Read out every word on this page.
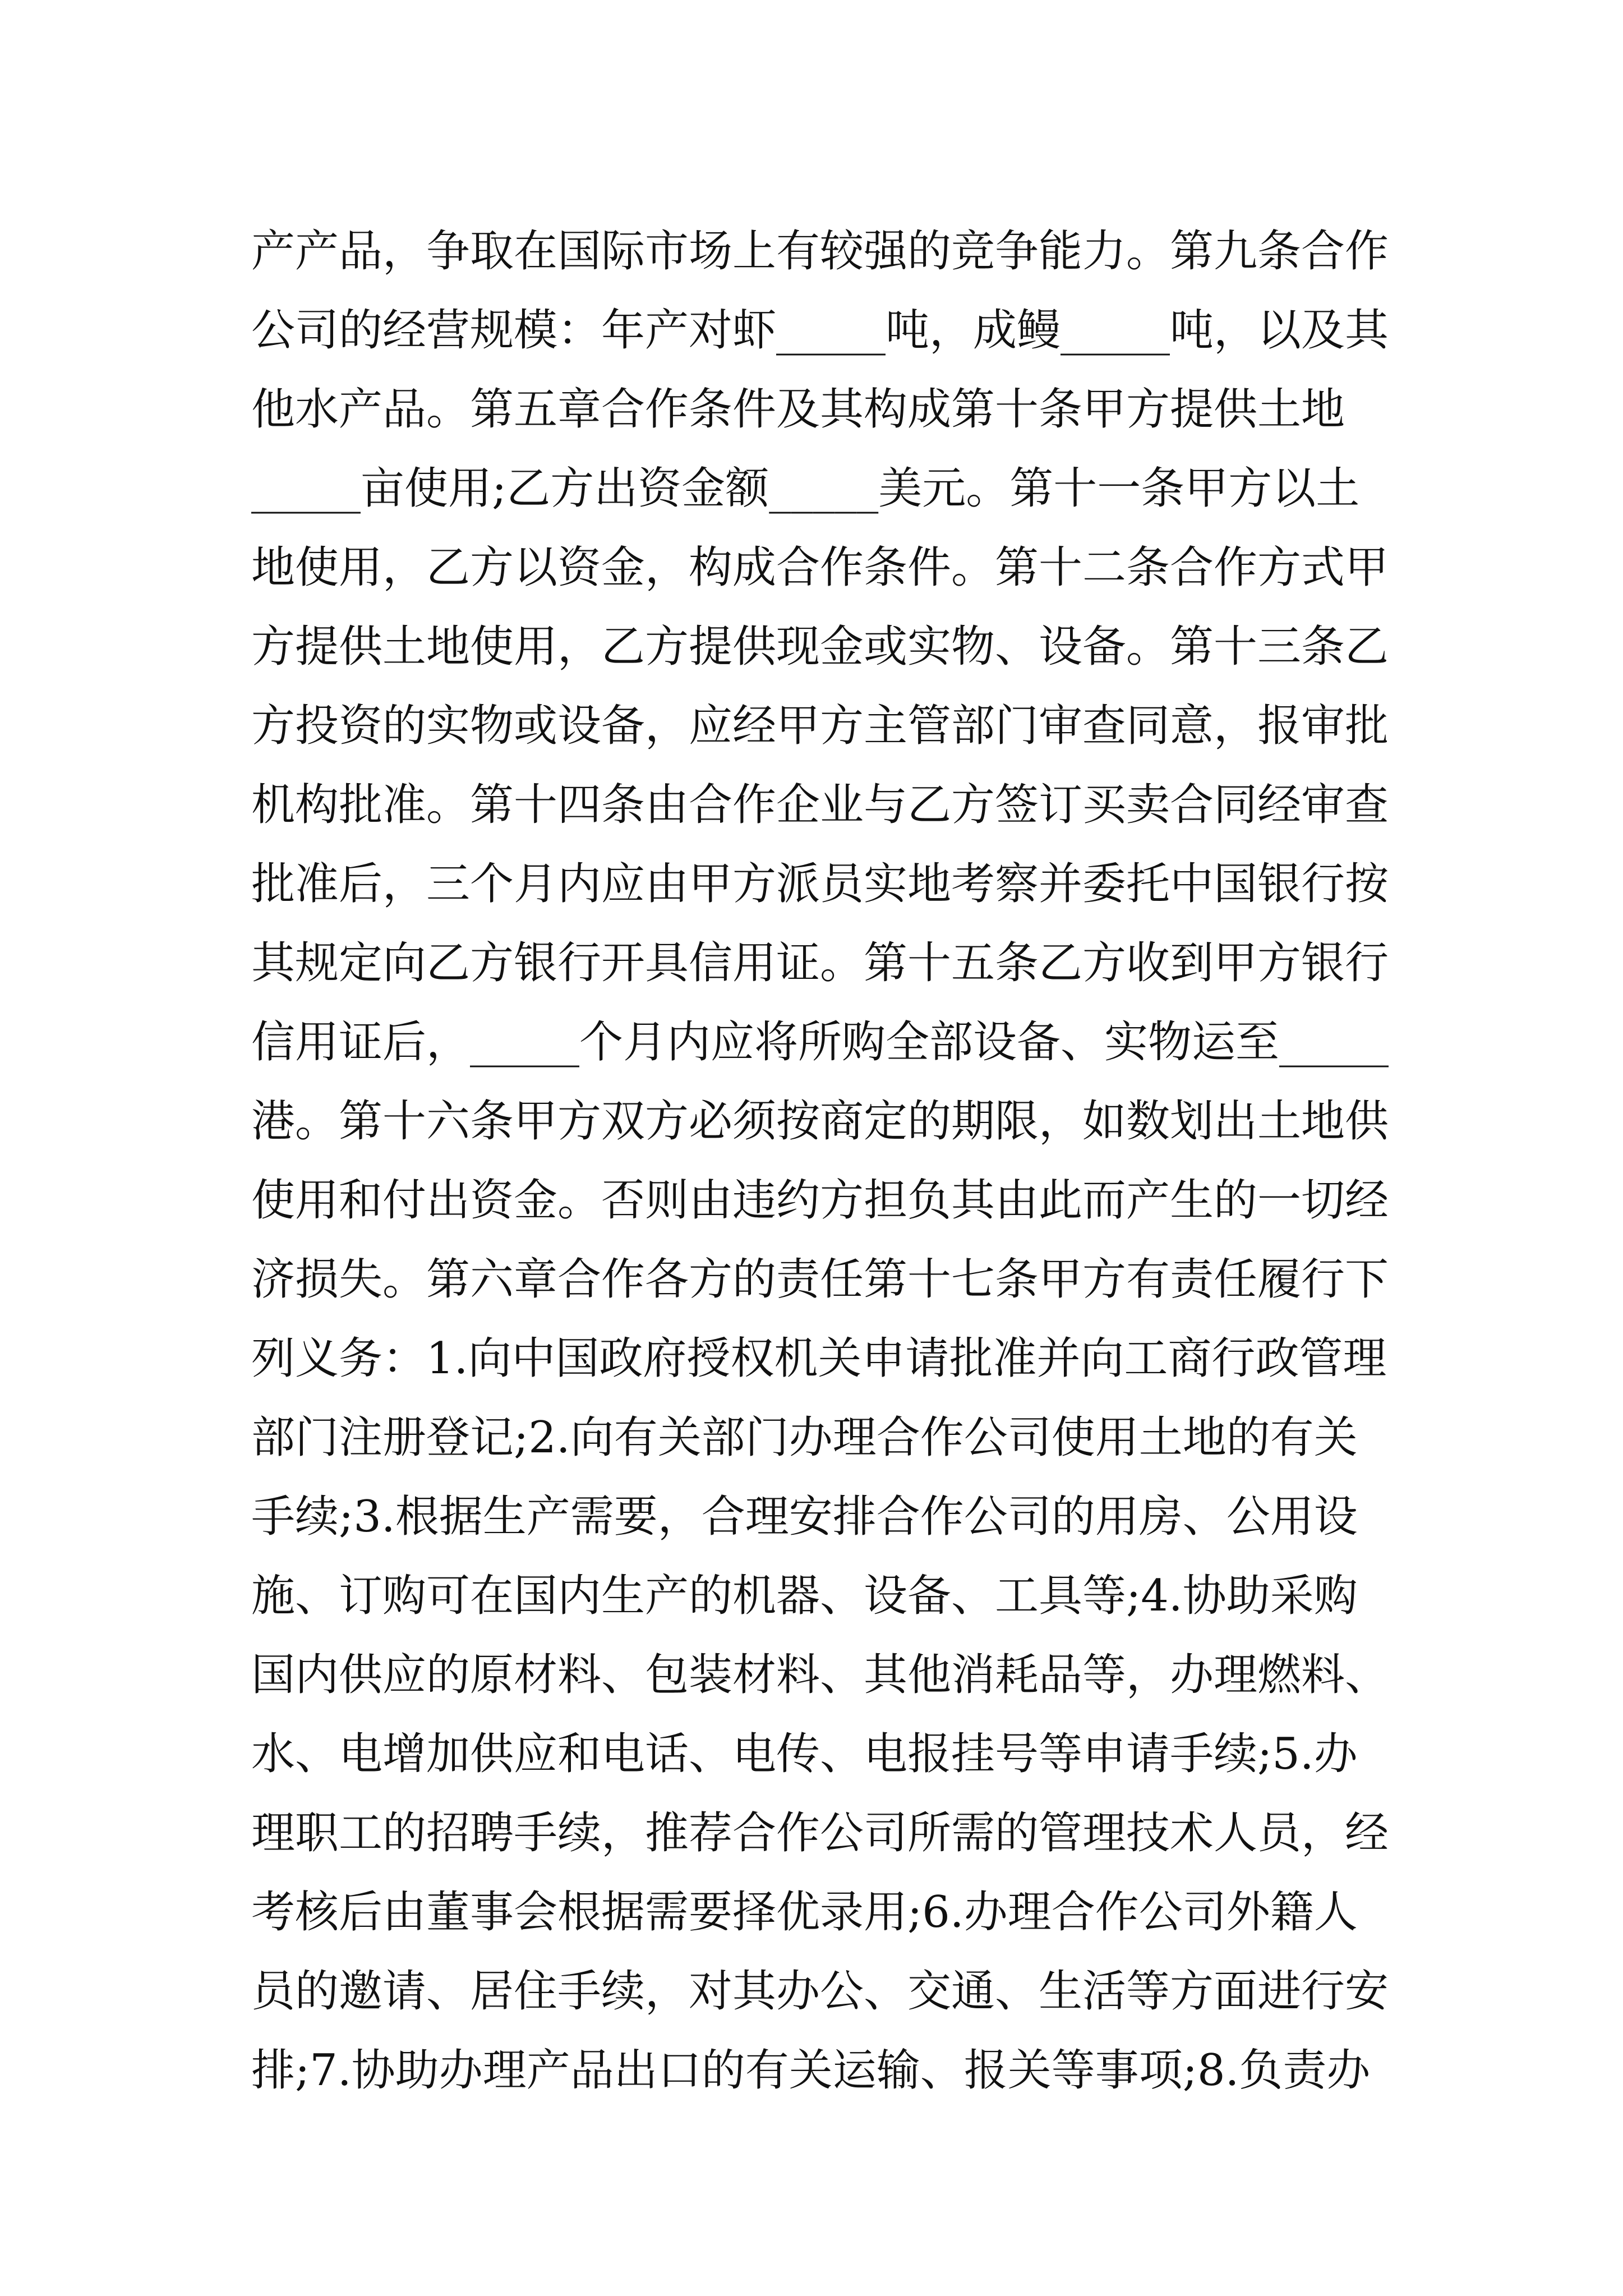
产产品，争取在国际市场上有较强的竞争能力。第九条合作
公司的经营规模：年产对虾_____吨，成鳗_____吨，以及其
他水产品。第五章合作条件及其构成第十条甲方提供土地
_____亩使用;乙方出资金额_____美元。第十一条甲方以土
地使用，乙方以资金，构成合作条件。第十二条合作方式甲
方提供土地使用，乙方提供现金或实物、设备。第十三条乙
方投资的实物或设备，应经甲方主管部门审查同意，报审批
机构批准。第十四条由合作企业与乙方签订买卖合同经审查
批准后，三个月内应由甲方派员实地考察并委托中国银行按
其规定向乙方银行开具信用证。第十五条乙方收到甲方银行
信用证后，_____个月内应将所购全部设备、实物运至_____
港。第十六条甲方双方必须按商定的期限，如数划出土地供
使用和付出资金。否则由违约方担负其由此而产生的一切经
济损失。第六章合作各方的责任第十七条甲方有责任履行下
列义务：1.向中国政府授权机关申请批准并向工商行政管理
部门注册登记;2.向有关部门办理合作公司使用土地的有关
手续;3.根据生产需要，合理安排合作公司的用房、公用设
施、订购可在国内生产的机器、设备、工具等;4.协助采购
国内供应的原材料、包装材料、其他消耗品等，办理燃料、
水、电增加供应和电话、电传、电报挂号等申请手续;5.办
理职工的招聘手续，推荐合作公司所需的管理技术人员，经
考核后由董事会根据需要择优录用;6.办理合作公司外籍人
员的邀请、居住手续，对其办公、交通、生活等方面进行安
排;7.协助办理产品出口的有关运输、报关等事项;8.负责办
